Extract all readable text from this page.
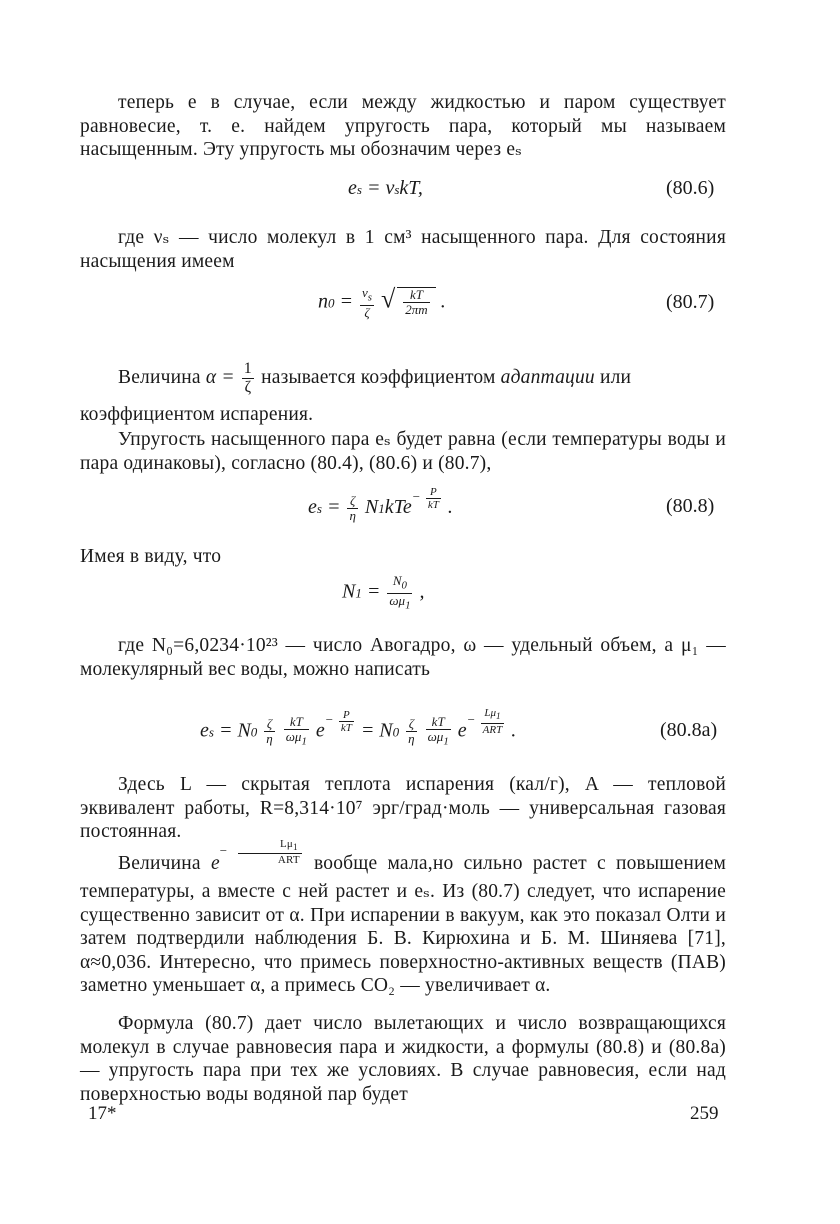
теперь e в случае, если между жидкостью и паром существует равновесие, т. е. найдем упругость пара, который мы называем насыщенным. Эту упругость мы обозначим через eₛ

es = νskT,	(80.6)

где νₛ — число молекул в 1 см³ насыщенного пара. Для состояния насыщения имеем

$n0 = \frac{\nu_s}{\zeta}$ √ $\frac{kT}{2\pi m}$ .	(80.7)
Величина $\alpha = \frac{1}{\zeta}$ называется коэффициентом адаптации или

коэффициентом испарения.

Упругость насыщенного пара eₛ будет равна (если температуры воды и пара одинаковы), согласно (80.4), (80.6) и (80.7),

es = $\frac{\zeta}{\eta} N1kTe^{- \frac{P}{kT}}$ .	(80.8)

Имея в виду, что

$N1 = \frac{N_0}{\omega\mu_1}$ ,

где N₀=6,0234·10²³ — число Авогадро, ω — удельный объем, а μ₁ — молекулярный вес воды, можно написать

es = $N0 \frac{\zeta}{\eta}$
$\frac{kT}{\omega\mu_1} e^{- \frac{P}{kT}} = N0 \frac{\zeta}{\eta}$
$\frac{kT}{\omega\mu_1} e^{- \frac{L\mu_1}{\text{ART}}}$ .	(80.8a)

Здесь L — скрытая теплота испарения (кал/г), A — тепловой эквивалент работы, R=8,314·10⁷ эрг/град·моль — универсальная газовая постоянная.

Величина $e^{- \frac{L\mu_1}{\text{ART}}}$ вообще мала,но сильно растет с повышением температуры, а вместе с ней растет и eₛ. Из (80.7) следует, что испарение существенно зависит от α. При испарении в вакуум, как это показал Олти и затем подтвердили наблюдения Б. В. Кирюхина и Б. М. Шиняева [71], α≈0,036. Интересно, что примесь поверхностно-активных веществ (ПАВ) заметно уменьшает α, а примесь CO₂ — увеличивает α.

Формула (80.7) дает число вылетающих и число возвращающихся молекул в случае равновесия пара и жидкости, а формулы (80.8) и (80.8a) — упругость пара при тех же условиях. В случае равновесия, если над поверхностью воды водяной пар будет

17*	259
